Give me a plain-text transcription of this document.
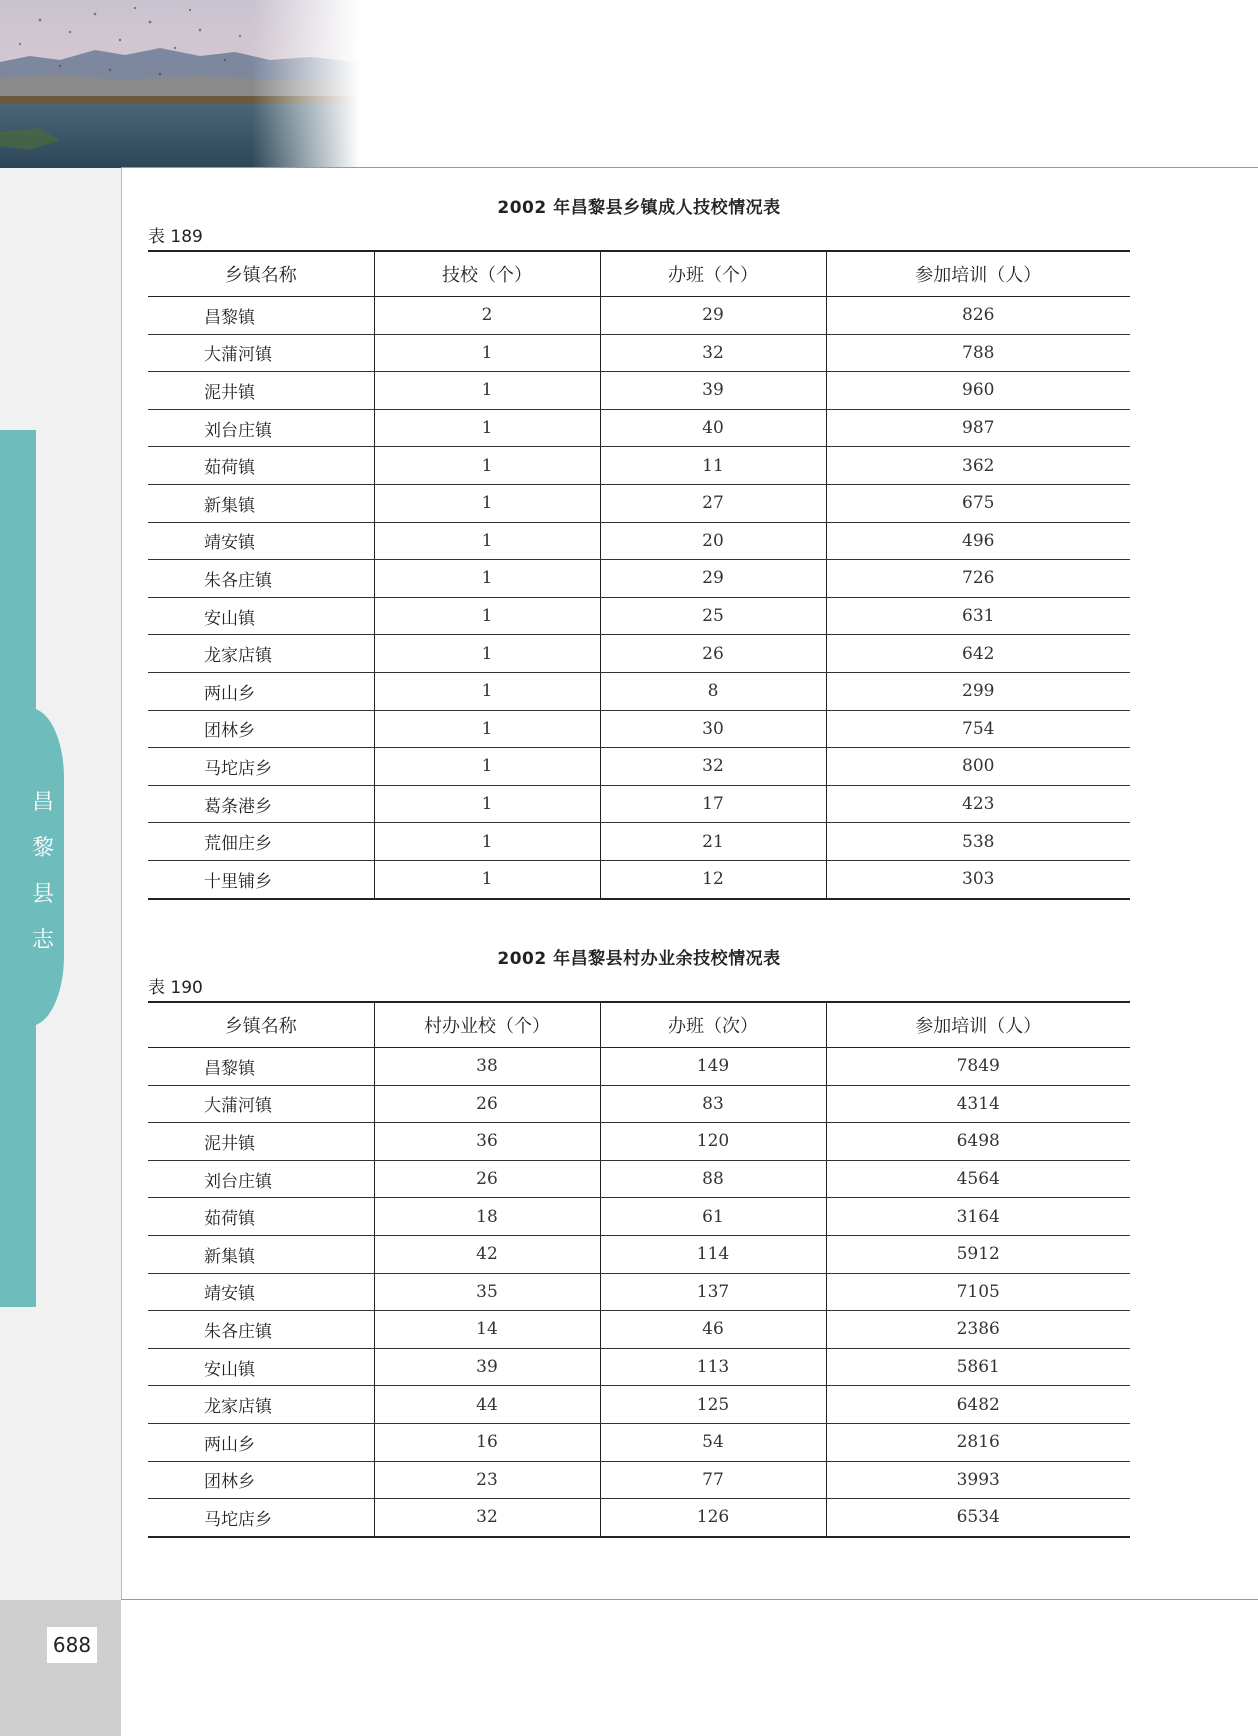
昌
黎
县
志
688
2002 年昌黎县乡镇成人技校情况表
表 189
乡镇名称	技校（个）	办班（个）	参加培训（人）
昌黎镇	2	29	826
大蒲河镇	1	32	788
泥井镇	1	39	960
刘台庄镇	1	40	987
茹荷镇	1	11	362
新集镇	1	27	675
靖安镇	1	20	496
朱各庄镇	1	29	726
安山镇	1	25	631
龙家店镇	1	26	642
两山乡	1	8	299
团林乡	1	30	754
马坨店乡	1	32	800
葛条港乡	1	17	423
荒佃庄乡	1	21	538
十里铺乡	1	12	303
2002 年昌黎县村办业余技校情况表
表 190
乡镇名称	村办业校（个）	办班（次）	参加培训（人）
昌黎镇	38	149	7849
大蒲河镇	26	83	4314
泥井镇	36	120	6498
刘台庄镇	26	88	4564
茹荷镇	18	61	3164
新集镇	42	114	5912
靖安镇	35	137	7105
朱各庄镇	14	46	2386
安山镇	39	113	5861
龙家店镇	44	125	6482
两山乡	16	54	2816
团林乡	23	77	3993
马坨店乡	32	126	6534
